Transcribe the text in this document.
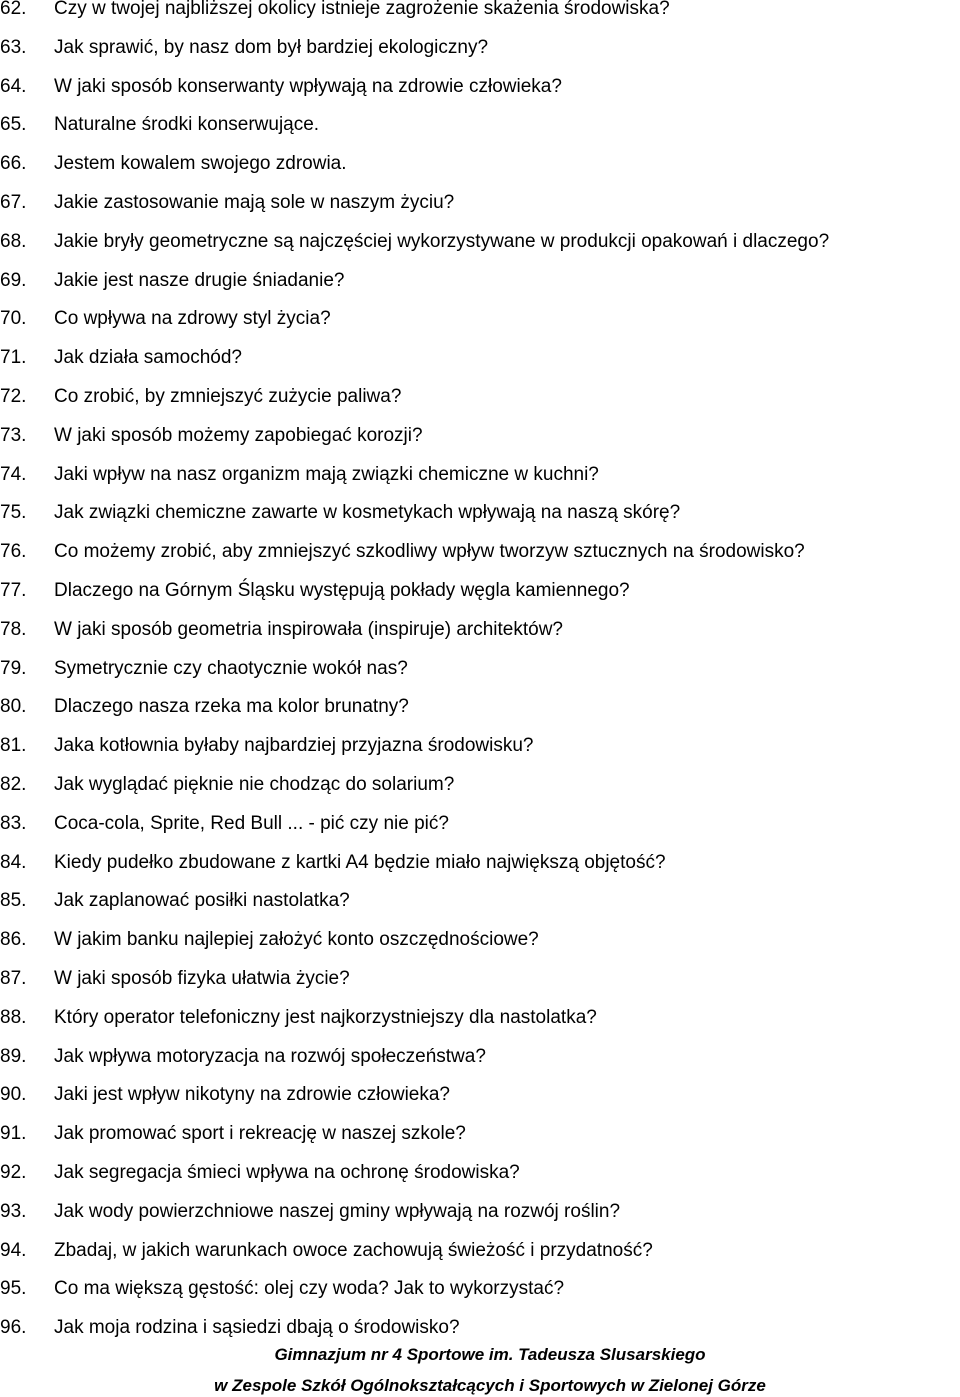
62. Czy w twojej najbliższej okolicy istnieje zagrożenie skażenia środowiska?
63. Jak sprawić, by nasz dom był bardziej ekologiczny?
64. W jaki sposób konserwanty wpływają na zdrowie człowieka?
65. Naturalne środki konserwujące.
66. Jestem kowalem swojego zdrowia.
67. Jakie zastosowanie mają sole w naszym życiu?
68. Jakie bryły geometryczne są najczęściej wykorzystywane w produkcji opakowań i dlaczego?
69. Jakie jest nasze drugie śniadanie?
70. Co wpływa na zdrowy styl życia?
71. Jak działa samochód?
72. Co zrobić, by zmniejszyć zużycie paliwa?
73. W jaki sposób możemy zapobiegać korozji?
74. Jaki wpływ na nasz organizm mają związki chemiczne w kuchni?
75. Jak związki chemiczne zawarte w kosmetykach wpływają na naszą skórę?
76. Co możemy zrobić, aby zmniejszyć szkodliwy wpływ tworzyw sztucznych na środowisko?
77. Dlaczego na Górnym Śląsku występują pokłady węgla kamiennego?
78. W jaki sposób geometria inspirowała (inspiruje) architektów?
79. Symetrycznie czy chaotycznie wokół nas?
80. Dlaczego nasza rzeka ma kolor brunatny?
81. Jaka kotłownia byłaby najbardziej przyjazna środowisku?
82. Jak wyglądać pięknie nie chodząc do solarium?
83. Coca-cola, Sprite, Red Bull ... - pić czy nie pić?
84. Kiedy pudełko zbudowane z kartki A4 będzie miało największą objętość?
85. Jak zaplanować posiłki nastolatka?
86. W jakim banku najlepiej założyć konto oszczędnościowe?
87. W jaki sposób fizyka ułatwia życie?
88. Który operator telefoniczny jest najkorzystniejszy dla nastolatka?
89. Jak wpływa motoryzacja na rozwój społeczeństwa?
90. Jaki jest wpływ nikotyny na zdrowie człowieka?
91. Jak promować sport i rekreację w naszej szkole?
92. Jak segregacja śmieci wpływa na ochronę środowiska?
93. Jak wody powierzchniowe naszej gminy wpływają na rozwój roślin?
94. Zbadaj, w jakich warunkach owoce zachowują świeżość i przydatność?
95. Co ma większą gęstość: olej czy woda? Jak to wykorzystać?
96. Jak moja rodzina i sąsiedzi dbają o środowisko?
Gimnazjum nr 4 Sportowe im. Tadeusza Slusarskiego
w Zespole Szkół Ogólnokształcących i Sportowych w Zielonej Górze
